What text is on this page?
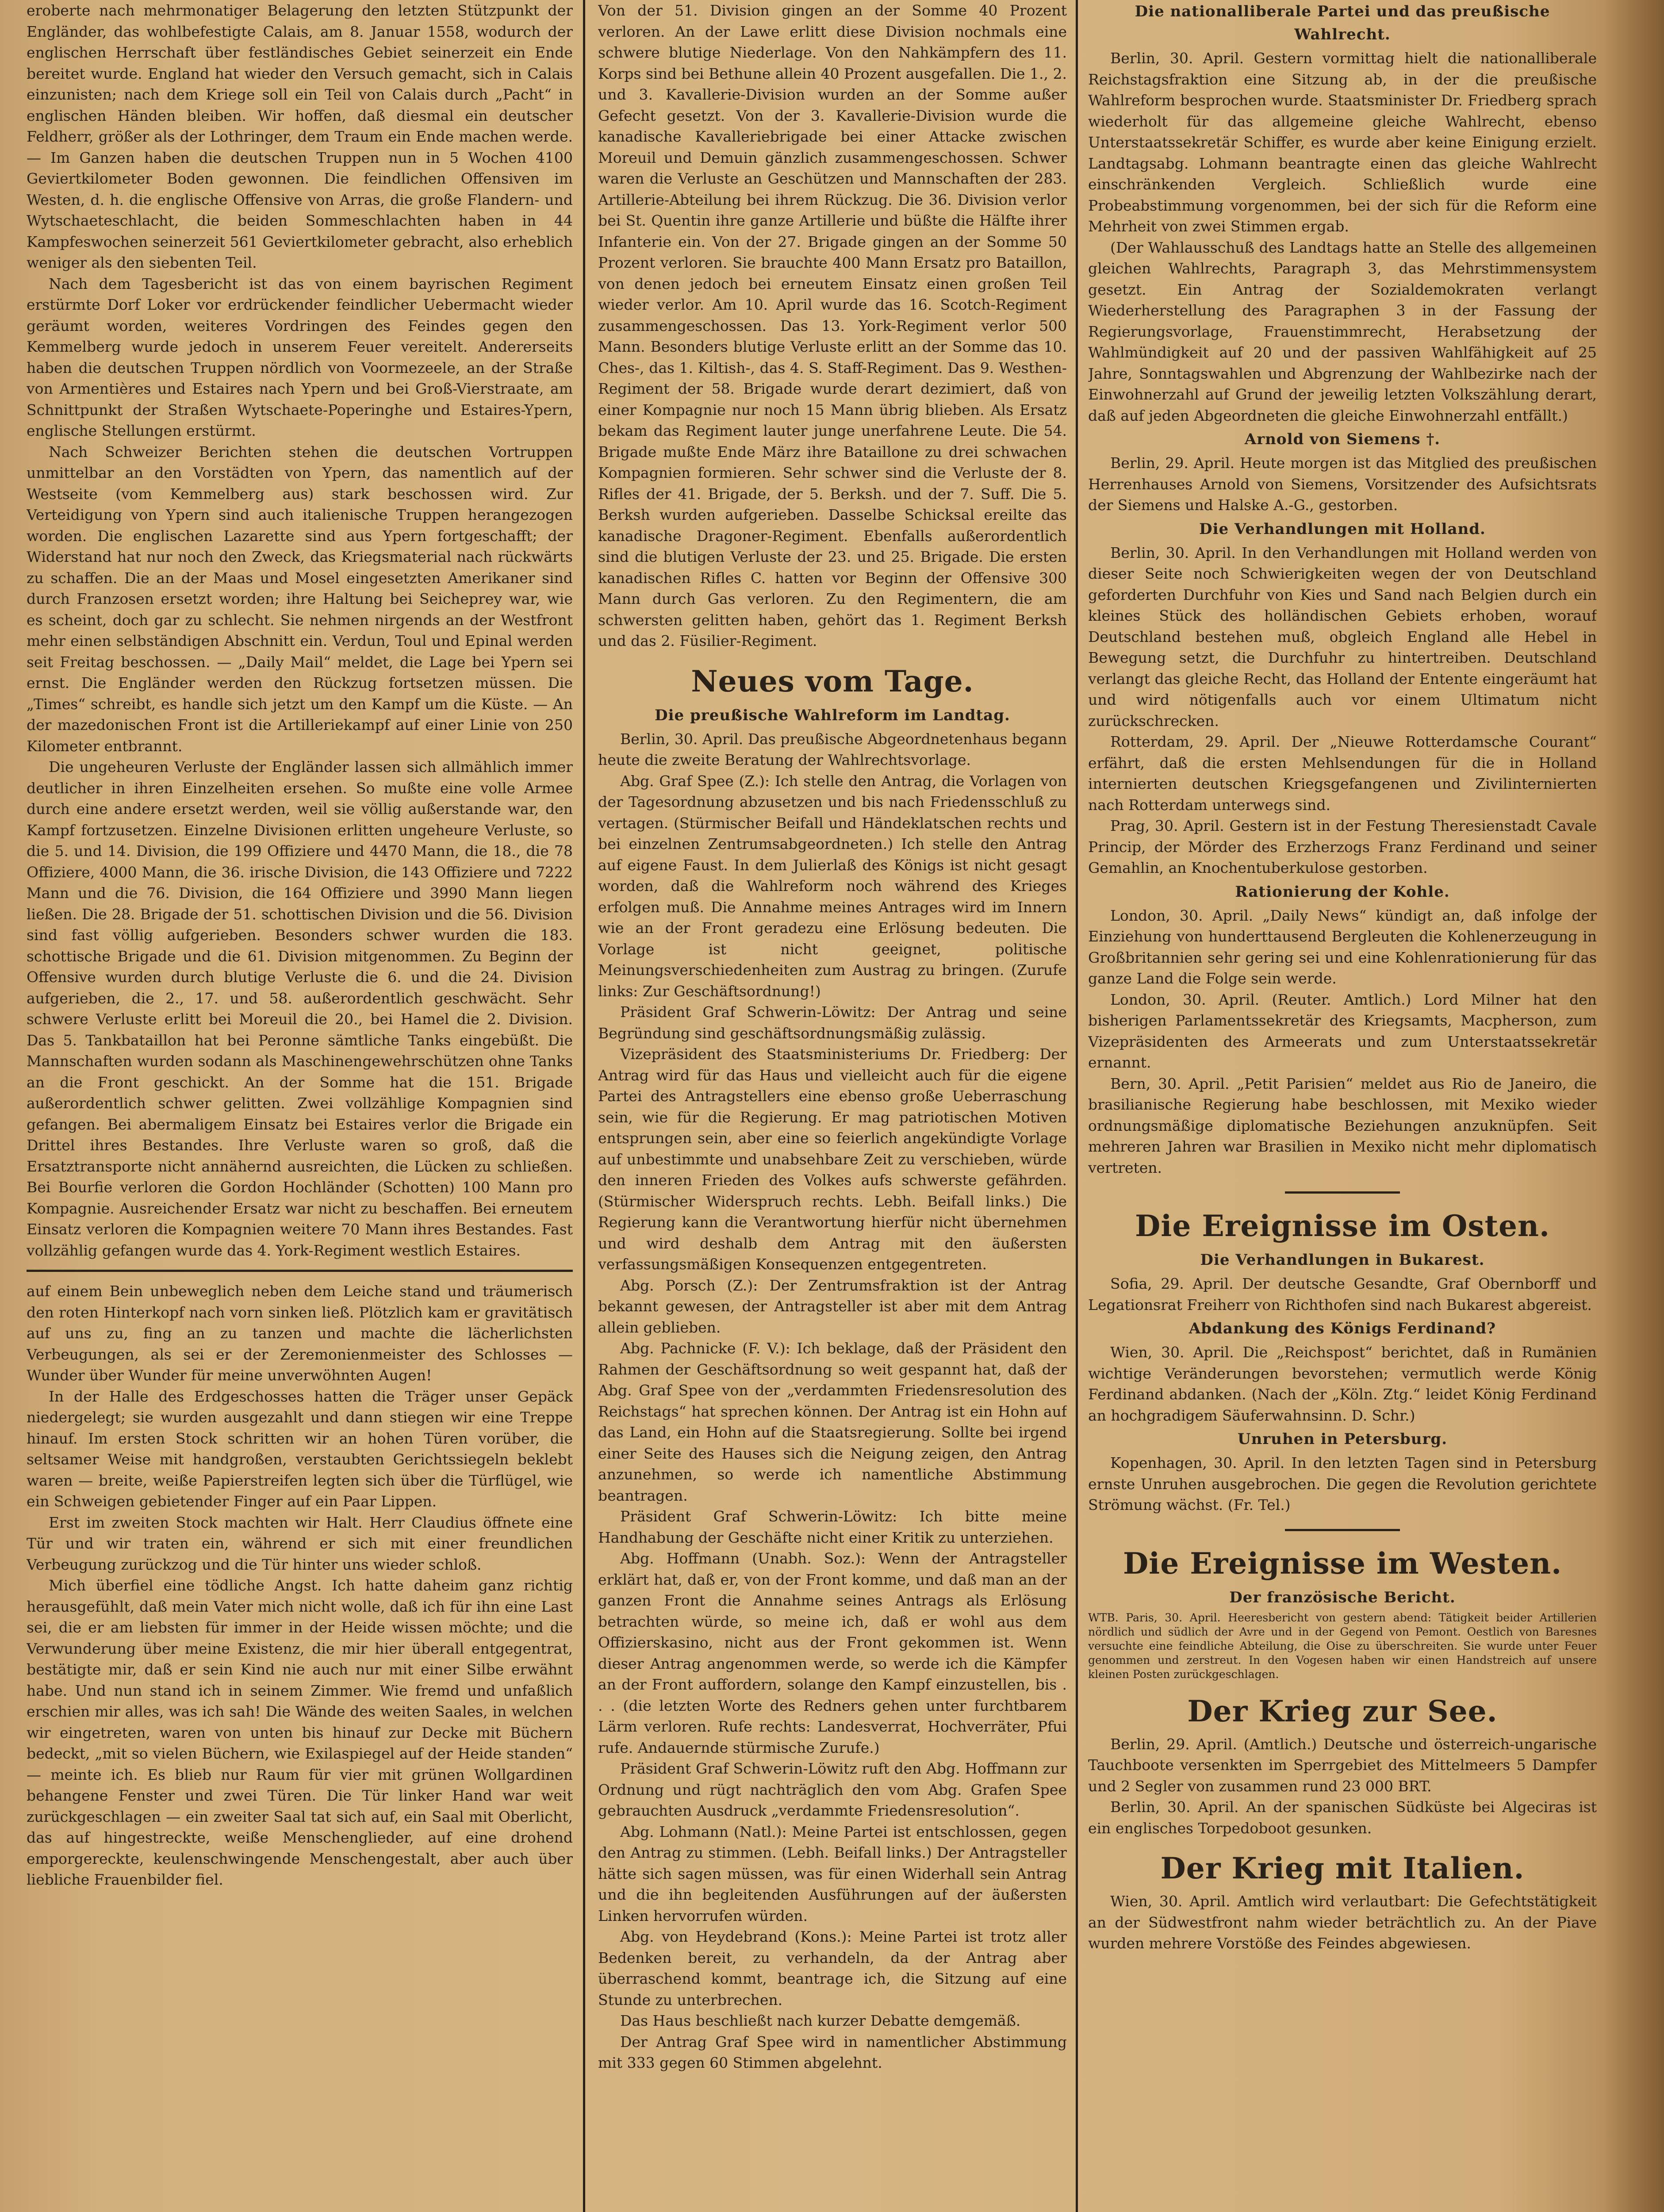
eroberte nach mehrmonatiger Belagerung den letzten Stützpunkt der Engländer, das wohlbefestigte Calais, am 8. Januar 1558, wodurch der englischen Herrschaft über festländisches Gebiet seinerzeit ein Ende bereitet wurde. England hat wieder den Versuch gemacht, sich in Calais einzunisten; nach dem Kriege soll ein Teil von Calais durch „Pacht“ in englischen Händen bleiben. Wir hoffen, daß diesmal ein deutscher Feldherr, größer als der Lothringer, dem Traum ein Ende machen werde. — Im Ganzen haben die deutschen Truppen nun in 5 Wochen 4100 Geviertkilometer Boden gewonnen. Die feindlichen Offensiven im Westen, d. h. die englische Offensive von Arras, die große Flandern- und Wytschaeteschlacht, die beiden Sommeschlachten haben in 44 Kampfeswochen seinerzeit 561 Geviertkilometer gebracht, also erheblich weniger als den siebenten Teil.

Nach dem Tagesbericht ist das von einem bayrischen Regiment erstürmte Dorf Loker vor erdrückender feindlicher Uebermacht wieder geräumt worden, weiteres Vordringen des Feindes gegen den Kemmelberg wurde jedoch in unserem Feuer vereitelt. Andererseits haben die deutschen Truppen nördlich von Voormezeele, an der Straße von Armentières und Estaires nach Ypern und bei Groß-Vierstraate, am Schnittpunkt der Straßen Wytschaete-Poperinghe und Estaires-Ypern, englische Stellungen erstürmt.

Nach Schweizer Berichten stehen die deutschen Vortruppen unmittelbar an den Vorstädten von Ypern, das namentlich auf der Westseite (vom Kemmelberg aus) stark beschossen wird. Zur Verteidigung von Ypern sind auch italienische Truppen herangezogen worden. Die englischen Lazarette sind aus Ypern fortgeschafft; der Widerstand hat nur noch den Zweck, das Kriegsmaterial nach rückwärts zu schaffen. Die an der Maas und Mosel eingesetzten Amerikaner sind durch Franzosen ersetzt worden; ihre Haltung bei Seicheprey war, wie es scheint, doch gar zu schlecht. Sie nehmen nirgends an der Westfront mehr einen selbständigen Abschnitt ein. Verdun, Toul und Epinal werden seit Freitag beschossen. — „Daily Mail“ meldet, die Lage bei Ypern sei ernst. Die Engländer werden den Rückzug fortsetzen müssen. Die „Times“ schreibt, es handle sich jetzt um den Kampf um die Küste. — An der mazedonischen Front ist die Artilleriekampf auf einer Linie von 250 Kilometer entbrannt.

Die ungeheuren Verluste der Engländer lassen sich allmählich immer deutlicher in ihren Einzelheiten ersehen. So mußte eine volle Armee durch eine andere ersetzt werden, weil sie völlig außerstande war, den Kampf fortzusetzen. Einzelne Divisionen erlitten ungeheure Verluste, so die 5. und 14. Division, die 199 Offiziere und 4470 Mann, die 18., die 78 Offiziere, 4000 Mann, die 36. irische Division, die 143 Offiziere und 7222 Mann und die 76. Division, die 164 Offiziere und 3990 Mann liegen ließen. Die 28. Brigade der 51. schottischen Division und die 56. Division sind fast völlig aufgerieben. Besonders schwer wurden die 183. schottische Brigade und die 61. Division mitgenommen. Zu Beginn der Offensive wurden durch blutige Verluste die 6. und die 24. Division aufgerieben, die 2., 17. und 58. außerordentlich geschwächt. Sehr schwere Verluste erlitt bei Moreuil die 20., bei Hamel die 2. Division. Das 5. Tankbataillon hat bei Peronne sämtliche Tanks eingebüßt. Die Mannschaften wurden sodann als Maschinengewehrschützen ohne Tanks an die Front geschickt. An der Somme hat die 151. Brigade außerordentlich schwer gelitten. Zwei vollzählige Kompagnien sind gefangen. Bei abermaligem Einsatz bei Estaires verlor die Brigade ein Drittel ihres Bestandes. Ihre Verluste waren so groß, daß die Ersatztransporte nicht annähernd ausreichten, die Lücken zu schließen. Bei Bourfie verloren die Gordon Hochländer (Schotten) 100 Mann pro Kompagnie. Ausreichender Ersatz war nicht zu beschaffen. Bei erneutem Einsatz verloren die Kompagnien weitere 70 Mann ihres Bestandes. Fast vollzählig gefangen wurde das 4. York-Regiment westlich Estaires.

auf einem Bein unbeweglich neben dem Leiche stand und träumerisch den roten Hinterkopf nach vorn sinken ließ. Plötzlich kam er gravitätisch auf uns zu, fing an zu tanzen und machte die lächerlichsten Verbeugungen, als sei er der Zeremonienmeister des Schlosses — Wunder über Wunder für meine unverwöhnten Augen!

In der Halle des Erdgeschosses hatten die Träger unser Gepäck niedergelegt; sie wurden ausgezahlt und dann stiegen wir eine Treppe hinauf. Im ersten Stock schritten wir an hohen Türen vorüber, die seltsamer Weise mit handgroßen, verstaubten Gerichtssiegeln beklebt waren — breite, weiße Papierstreifen legten sich über die Türflügel, wie ein Schweigen gebietender Finger auf ein Paar Lippen.

Erst im zweiten Stock machten wir Halt. Herr Claudius öffnete eine Tür und wir traten ein, während er sich mit einer freundlichen Verbeugung zurückzog und die Tür hinter uns wieder schloß.

Mich überfiel eine tödliche Angst. Ich hatte daheim ganz richtig herausgefühlt, daß mein Vater mich nicht wolle, daß ich für ihn eine Last sei, die er am liebsten für immer in der Heide wissen möchte; und die Verwunderung über meine Existenz, die mir hier überall entgegentrat, bestätigte mir, daß er sein Kind nie auch nur mit einer Silbe erwähnt habe. Und nun stand ich in seinem Zimmer. Wie fremd und unfaßlich erschien mir alles, was ich sah! Die Wände des weiten Saales, in welchen wir eingetreten, waren von unten bis hinauf zur Decke mit Büchern bedeckt, „mit so vielen Büchern, wie Exilaspiegel auf der Heide standen“ — meinte ich. Es blieb nur Raum für vier mit grünen Wollgardinen behangene Fenster und zwei Türen. Die Tür linker Hand war weit zurückgeschlagen — ein zweiter Saal tat sich auf, ein Saal mit Oberlicht, das auf hingestreckte, weiße Menschenglieder, auf eine drohend emporgereckte, keulenschwingende Menschengestalt, aber auch über liebliche Frauenbilder fiel.

Von der 51. Division gingen an der Somme 40 Prozent verloren. An der Lawe erlitt diese Division nochmals eine schwere blutige Niederlage. Von den Nahkämpfern des 11. Korps sind bei Bethune allein 40 Prozent ausgefallen. Die 1., 2. und 3. Kavallerie-Division wurden an der Somme außer Gefecht gesetzt. Von der 3. Kavallerie-Division wurde die kanadische Kavalleriebrigade bei einer Attacke zwischen Moreuil und Demuin gänzlich zusammengeschossen. Schwer waren die Verluste an Geschützen und Mannschaften der 283. Artillerie-Abteilung bei ihrem Rückzug. Die 36. Division verlor bei St. Quentin ihre ganze Artillerie und büßte die Hälfte ihrer Infanterie ein. Von der 27. Brigade gingen an der Somme 50 Prozent verloren. Sie brauchte 400 Mann Ersatz pro Bataillon, von denen jedoch bei erneutem Einsatz einen großen Teil wieder verlor. Am 10. April wurde das 16. Scotch-Regiment zusammengeschossen. Das 13. York-Regiment verlor 500 Mann. Besonders blutige Verluste erlitt an der Somme das 10. Ches-, das 1. Kiltish-, das 4. S. Staff-Regiment. Das 9. Westhen-Regiment der 58. Brigade wurde derart dezimiert, daß von einer Kompagnie nur noch 15 Mann übrig blieben. Als Ersatz bekam das Regiment lauter junge unerfahrene Leute. Die 54. Brigade mußte Ende März ihre Bataillone zu drei schwachen Kompagnien formieren. Sehr schwer sind die Verluste der 8. Rifles der 41. Brigade, der 5. Berksh. und der 7. Suff. Die 5. Berksh wurden aufgerieben. Dasselbe Schicksal ereilte das kanadische Dragoner-Regiment. Ebenfalls außerordentlich sind die blutigen Verluste der 23. und 25. Brigade. Die ersten kanadischen Rifles C. hatten vor Beginn der Offensive 300 Mann durch Gas verloren. Zu den Regimentern, die am schwersten gelitten haben, gehört das 1. Regiment Berksh und das 2. Füsilier-Regiment.

Neues vom Tage.
Die preußische Wahlreform im Landtag.

Berlin, 30. April. Das preußische Abgeordnetenhaus begann heute die zweite Beratung der Wahlrechtsvorlage.

Abg. Graf Spee (Z.): Ich stelle den Antrag, die Vorlagen von der Tagesordnung abzusetzen und bis nach Friedensschluß zu vertagen. (Stürmischer Beifall und Händeklatschen rechts und bei einzelnen Zentrumsabgeordneten.) Ich stelle den Antrag auf eigene Faust. In dem Julierlaß des Königs ist nicht gesagt worden, daß die Wahlreform noch während des Krieges erfolgen muß. Die Annahme meines Antrages wird im Innern wie an der Front geradezu eine Erlösung bedeuten. Die Vorlage ist nicht geeignet, politische Meinungsverschiedenheiten zum Austrag zu bringen. (Zurufe links: Zur Geschäftsordnung!)

Präsident Graf Schwerin-Löwitz: Der Antrag und seine Begründung sind geschäftsordnungsmäßig zulässig.

Vizepräsident des Staatsministeriums Dr. Friedberg: Der Antrag wird für das Haus und vielleicht auch für die eigene Partei des Antragstellers eine ebenso große Ueberraschung sein, wie für die Regierung. Er mag patriotischen Motiven entsprungen sein, aber eine so feierlich angekündigte Vorlage auf unbestimmte und unabsehbare Zeit zu verschieben, würde den inneren Frieden des Volkes aufs schwerste gefährden. (Stürmischer Widerspruch rechts. Lebh. Beifall links.) Die Regierung kann die Verantwortung hierfür nicht übernehmen und wird deshalb dem Antrag mit den äußersten verfassungsmäßigen Konsequenzen entgegentreten.

Abg. Porsch (Z.): Der Zentrumsfraktion ist der Antrag bekannt gewesen, der Antragsteller ist aber mit dem Antrag allein geblieben.

Abg. Pachnicke (F. V.): Ich beklage, daß der Präsident den Rahmen der Geschäftsordnung so weit gespannt hat, daß der Abg. Graf Spee von der „verdammten Friedensresolution des Reichstags“ hat sprechen können. Der Antrag ist ein Hohn auf das Land, ein Hohn auf die Staatsregierung. Sollte bei irgend einer Seite des Hauses sich die Neigung zeigen, den Antrag anzunehmen, so werde ich namentliche Abstimmung beantragen.

Präsident Graf Schwerin-Löwitz: Ich bitte meine Handhabung der Geschäfte nicht einer Kritik zu unterziehen.

Abg. Hoffmann (Unabh. Soz.): Wenn der Antragsteller erklärt hat, daß er, von der Front komme, und daß man an der ganzen Front die Annahme seines Antrags als Erlösung betrachten würde, so meine ich, daß er wohl aus dem Offizierskasino, nicht aus der Front gekommen ist. Wenn dieser Antrag angenommen werde, so werde ich die Kämpfer an der Front auffordern, solange den Kampf einzustellen, bis . . . (die letzten Worte des Redners gehen unter furchtbarem Lärm verloren. Rufe rechts: Landesverrat, Hochverräter, Pfui rufe. Andauernde stürmische Zurufe.)

Präsident Graf Schwerin-Löwitz ruft den Abg. Hoffmann zur Ordnung und rügt nachträglich den vom Abg. Grafen Spee gebrauchten Ausdruck „verdammte Friedensresolution“.

Abg. Lohmann (Natl.): Meine Partei ist entschlossen, gegen den Antrag zu stimmen. (Lebh. Beifall links.) Der Antragsteller hätte sich sagen müssen, was für einen Widerhall sein Antrag und die ihn begleitenden Ausführungen auf der äußersten Linken hervorrufen würden.

Abg. von Heydebrand (Kons.): Meine Partei ist trotz aller Bedenken bereit, zu verhandeln, da der Antrag aber überraschend kommt, beantrage ich, die Sitzung auf eine Stunde zu unterbrechen.

Das Haus beschließt nach kurzer Debatte demgemäß.

Der Antrag Graf Spee wird in namentlicher Abstimmung mit 333 gegen 60 Stimmen abgelehnt.

Die nationalliberale Partei und das preußische Wahlrecht.

Berlin, 30. April. Gestern vormittag hielt die nationalliberale Reichstagsfraktion eine Sitzung ab, in der die preußische Wahlreform besprochen wurde. Staatsminister Dr. Friedberg sprach wiederholt für das allgemeine gleiche Wahlrecht, ebenso Unterstaatssekretär Schiffer, es wurde aber keine Einigung erzielt. Landtagsabg. Lohmann beantragte einen das gleiche Wahlrecht einschränkenden Vergleich. Schließlich wurde eine Probeabstimmung vorgenommen, bei der sich für die Reform eine Mehrheit von zwei Stimmen ergab.

(Der Wahlausschuß des Landtags hatte an Stelle des allgemeinen gleichen Wahlrechts, Paragraph 3, das Mehrstimmensystem gesetzt. Ein Antrag der Sozialdemokraten verlangt Wiederherstellung des Paragraphen 3 in der Fassung der Regierungsvorlage, Frauenstimmrecht, Herabsetzung der Wahlmündigkeit auf 20 und der passiven Wahlfähigkeit auf 25 Jahre, Sonntagswahlen und Abgrenzung der Wahlbezirke nach der Einwohnerzahl auf Grund der jeweilig letzten Volkszählung derart, daß auf jeden Abgeordneten die gleiche Einwohnerzahl entfällt.)

Arnold von Siemens †.

Berlin, 29. April. Heute morgen ist das Mitglied des preußischen Herrenhauses Arnold von Siemens, Vorsitzender des Aufsichtsrats der Siemens und Halske A.-G., gestorben.

Die Verhandlungen mit Holland.

Berlin, 30. April. In den Verhandlungen mit Holland werden von dieser Seite noch Schwierigkeiten wegen der von Deutschland geforderten Durchfuhr von Kies und Sand nach Belgien durch ein kleines Stück des holländischen Gebiets erhoben, worauf Deutschland bestehen muß, obgleich England alle Hebel in Bewegung setzt, die Durchfuhr zu hintertreiben. Deutschland verlangt das gleiche Recht, das Holland der Entente eingeräumt hat und wird nötigenfalls auch vor einem Ultimatum nicht zurückschrecken.

Rotterdam, 29. April. Der „Nieuwe Rotterdamsche Courant“ erfährt, daß die ersten Mehlsendungen für die in Holland internierten deutschen Kriegsgefangenen und Zivilinternierten nach Rotterdam unterwegs sind.

Prag, 30. April. Gestern ist in der Festung Theresienstadt Cavale Princip, der Mörder des Erzherzogs Franz Ferdinand und seiner Gemahlin, an Knochentuberkulose gestorben.

Rationierung der Kohle.

London, 30. April. „Daily News“ kündigt an, daß infolge der Einziehung von hunderttausend Bergleuten die Kohlenerzeugung in Großbritannien sehr gering sei und eine Kohlenrationierung für das ganze Land die Folge sein werde.

London, 30. April. (Reuter. Amtlich.) Lord Milner hat den bisherigen Parlamentssekretär des Kriegsamts, Macpherson, zum Vizepräsidenten des Armeerats und zum Unterstaatssekretär ernannt.

Bern, 30. April. „Petit Parisien“ meldet aus Rio de Janeiro, die brasilianische Regierung habe beschlossen, mit Mexiko wieder ordnungsmäßige diplomatische Beziehungen anzuknüpfen. Seit mehreren Jahren war Brasilien in Mexiko nicht mehr diplomatisch vertreten.

Die Ereignisse im Osten.
Die Verhandlungen in Bukarest.

Sofia, 29. April. Der deutsche Gesandte, Graf Obernborff und Legationsrat Freiherr von Richthofen sind nach Bukarest abgereist.

Abdankung des Königs Ferdinand?

Wien, 30. April. Die „Reichspost“ berichtet, daß in Rumänien wichtige Veränderungen bevorstehen; vermutlich werde König Ferdinand abdanken. (Nach der „Köln. Ztg.“ leidet König Ferdinand an hochgradigem Säuferwahnsinn. D. Schr.)

Unruhen in Petersburg.

Kopenhagen, 30. April. In den letzten Tagen sind in Petersburg ernste Unruhen ausgebrochen. Die gegen die Revolution gerichtete Strömung wächst. (Fr. Tel.)

Die Ereignisse im Westen.
Der französische Bericht.

WTB. Paris, 30. April. Heeresbericht von gestern abend: Tätigkeit beider Artillerien nördlich und südlich der Avre und in der Gegend von Pemont. Oestlich von Baresnes versuchte eine feindliche Abteilung, die Oise zu überschreiten. Sie wurde unter Feuer genommen und zerstreut. In den Vogesen haben wir einen Handstreich auf unsere kleinen Posten zurückgeschlagen.

Der Krieg zur See.

Berlin, 29. April. (Amtlich.) Deutsche und österreich-ungarische Tauchboote versenkten im Sperrgebiet des Mittelmeers 5 Dampfer und 2 Segler von zusammen rund 23 000 BRT.

Berlin, 30. April. An der spanischen Südküste bei Algeciras ist ein englisches Torpedoboot gesunken.

Der Krieg mit Italien.

Wien, 30. April. Amtlich wird verlautbart: Die Gefechtstätigkeit an der Südwestfront nahm wieder beträchtlich zu. An der Piave wurden mehrere Vorstöße des Feindes abgewiesen.
